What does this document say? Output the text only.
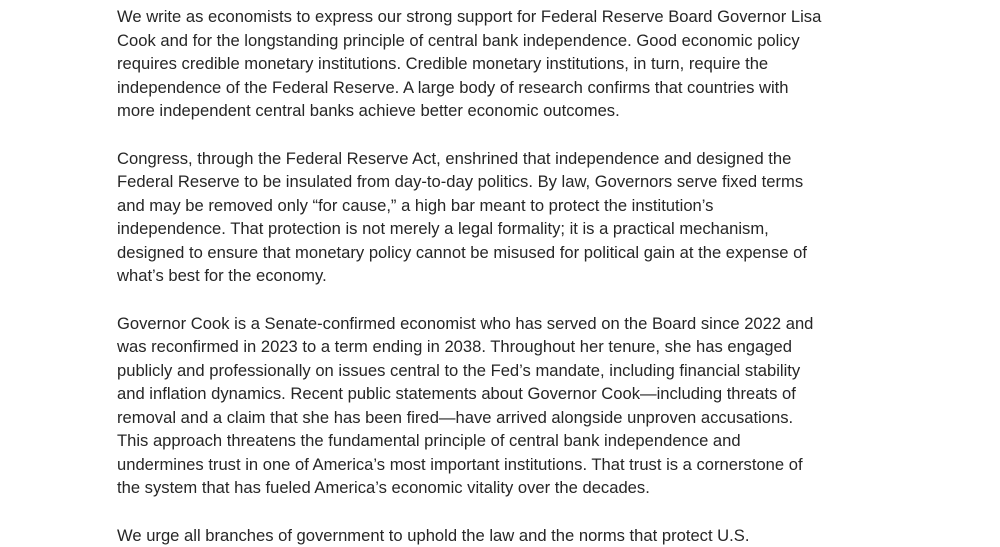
We write as economists to express our strong support for Federal Reserve Board Governor Lisa
Cook and for the longstanding principle of central bank independence. Good economic policy
requires credible monetary institutions. Credible monetary institutions, in turn, require the
independence of the Federal Reserve. A large body of research confirms that countries with
more independent central banks achieve better economic outcomes.

Congress, through the Federal Reserve Act, enshrined that independence and designed the
Federal Reserve to be insulated from day-to-day politics. By law, Governors serve fixed terms
and may be removed only “for cause,” a high bar meant to protect the institution’s
independence. That protection is not merely a legal formality; it is a practical mechanism,
designed to ensure that monetary policy cannot be misused for political gain at the expense of
what’s best for the economy.

Governor Cook is a Senate-confirmed economist who has served on the Board since 2022 and
was reconfirmed in 2023 to a term ending in 2038. Throughout her tenure, she has engaged
publicly and professionally on issues central to the Fed’s mandate, including financial stability
and inflation dynamics. Recent public statements about Governor Cook—including threats of
removal and a claim that she has been fired—have arrived alongside unproven accusations.
This approach threatens the fundamental principle of central bank independence and
undermines trust in one of America’s most important institutions. That trust is a cornerstone of
the system that has fueled America’s economic vitality over the decades.

We urge all branches of government to uphold the law and the norms that protect U.S.
